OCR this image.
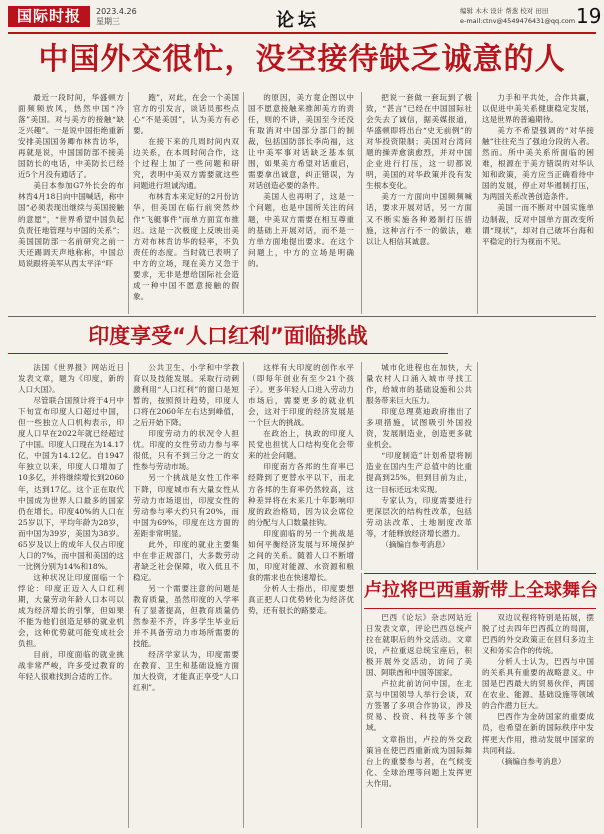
国际时报	2023.4.26
星期三	论坛	编辑 木木 设计 帮葱 校对 田田
e-mail:ctnv@4549476431@qq.com 19
中国外交很忙，没空接待缺乏诚意的人

最近一段时间，华盛顿方面频频放风，热然中国“冷落”美国。对与美方的接触“缺乏兴趣”。一是说中国拒绝重新安排美国国务卿布林肯访华，再就是说，中国国防部不接美国防长的电话，中美防长已经近5个月没有通话了。

美日本参加G7外长会的布林肯4月18日向中国喊话，称中国“必须表现出继续与美国接触的意愿”，“世界希望中国负起负责任地管理与中国的关系”；美国国防部一名前研究之前一天还踢调天声地称称，中国总局说跟将美军从西太平洋“吓

跑”，对此，在会一个美国官方的引发言，谈话员那些点心“不是美国”，认为美方有必要。

在接下来的几周时间内双边关系，在本周时间合作，这个过程上加了一些问题和研究，表明中美双方需要就这些问题进行坦诚沟通。

布林肯本来定好的2月份访华，但美国在临行前突然炒作“飞艇事件”而单方面宣布推迟。这是一次极度上反映出美方对布林肯访华的轻率，不负责任的态度。当时就已表明了中方的立场，现在美方又急于要求，无非是想给国际社会造成一种中国不愿意接触的假象。

的原因，美方竟企图以中国不愿意接触来推卸美方的责任，则的不讲，美国至今还没有取消对中国部分部门的制裁，包括国防部长李尚福，这让中美军事对话缺乏基本氛围，如果美方希望对话重启，需要拿出诚意，纠正错误，为对话创造必要的条件。

美国人也再明了，这是一个问题，也是中国所关注的问题，中美双方需要在相互尊重的基础上开展对话，而不是一方单方面地提出要求。在这个问题上，中方的立场是明确的。

把说一套做一套玩到了极致，“甚言”已经在中国国际社会失去了诚信，据美媒报道，华盛顿即将出台“史无前例”的对华投资限制；美国对台湾问题的操弄愈演愈烈，并对中国企业进行打压，这一切都说明，美国的对华政策并没有发生根本变化。

美方一方面向中国频频喊话，要求开展对话，另一方面又不断实施各种遏制打压措施，这种言行不一的做法，难以让人相信其诚意。

力手和平共处，合作共赢，以促进中美关系健康稳定发展，这是世界的普遍期待。

美方不希望强调的“对华接触”往往充当了强迫分段的入者。然而。所中美关系所面临的困难，根源在于美方错误的对华认知和政策，美方应当正确看待中国的发展，停止对华遏制打压，为两国关系改善创造条件。

美国一而不断对中国实施单边制裁，反对中国单方面改变所谓“现状”，却对自己破坏台海和平稳定的行为视而不见。

印度享受“人口红利”面临挑战

法国《世界报》网站近日发表文章，题为《印度，新的人口大国》。

尽管联合国预计将于4月中下旬宣布印度人口超过中国，但一些独立人口机构表示，印度人口早在2022年就已经超过了中国。印度人口现在为14.17亿，中国为14.12亿。自1947年独立以来，印度人口增加了10多亿，并将继续增长到2060年，达到17亿。这个正在取代中国成为世界人口最多的国家仍在增长。印度40%的人口在25岁以下，平均年龄为28岁，而中国为39岁，美国为38岁。65岁及以上的成年人仅占印度人口的7%，而中国和美国的这一比例分别为14%和18%。

这种状况让印度面临一个悖论：印度正迈入人口红利期，大量劳动年龄人口本可以成为经济增长的引擎，但如果不能为他们创造足够的就业机会，这种优势就可能变成社会负担。

目前，印度面临的就业挑战非常严峻，许多受过教育的年轻人很难找到合适的工作。

公共卫生、小学和中学教育以及技能发展。采取行动刺激利用“人口红利”的窗口是短暂的，按照预计趋势，印度人口将在2060年左右达到峰值，之后开始下降。

印度劳动力的状况令人担忧。印度的女性劳动力参与率很低，只有不到三分之一的女性参与劳动市场。

另一个挑战是女性工作率下降，印度城市有大量女性从劳动力市场退出，印度女性的劳动参与率大约只有20%，而中国为69%，印度在这方面的差距非常明显。

此外，印度的就业主要集中在非正规部门，大多数劳动者缺乏社会保障，收入低且不稳定。

另一个需要注意的问题是教育质量，虽然印度的入学率有了显著提高，但教育质量仍然参差不齐，许多学生毕业后并不具备劳动力市场所需要的技能。

经济学家认为，印度需要在教育、卫生和基础设施方面加大投资，才能真正享受“人口红利”。

这样有大印度的创作水平（即每年创业有至少21个孩子）。更多年轻人口进入劳动力市场后，需要更多的就业机会，这对于印度的经济发展是一个巨大的挑战。

在政治上，执政的印度人民党也担忧人口结构变化会带来的社会问题。

印度南方各邦的生育率已经降到了更替水平以下，而北方各邦的生育率仍然较高，这种差异将在未来几十年影响印度的政治格局，因为议会席位的分配与人口数量挂钩。

印度面临的另一个挑战是如何平衡经济发展与环境保护之间的关系。随着人口不断增加，印度对能源、水资源和粮食的需求也在快速增长。

分析人士指出，印度要想真正把人口优势转化为经济优势，还有很长的路要走。

城市化进程也在加快，大量农村人口涌入城市寻找工作，给城市的基础设施和公共服务带来巨大压力。

印度总理莫迪政府推出了多项措施，试图吸引外国投资，发展制造业，创造更多就业机会。

“印度制造”计划希望将制造业在国内生产总值中的比重提高到25%，但到目前为止，这一目标还远未实现。

专家认为，印度需要进行更深层次的结构性改革，包括劳动法改革、土地制度改革等，才能释放经济增长潜力。

（摘编自参考消息）

卢拉将巴西重新带上全球舞台

巴西《论坛》杂志网站近日发表文章，评论巴西总统卢拉在就职后的外交活动。文章说，卢拉重返总统宝座后，积极开展外交活动，访问了美国、阿联酋和中国等国家。

卢拉此前访问中国，在北京与中国领导人举行会谈，双方签署了多项合作协议，涉及贸易、投资、科技等多个领域。

文章指出，卢拉的外交政策旨在使巴西重新成为国际舞台上的重要参与者，在气候变化、全球治理等问题上发挥更大作用。

双边议程将特别是拓展，摆脱了过去四年巴西孤立的局面，巴西的外交政策正在回归多边主义和务实合作的传统。

分析人士认为，巴西与中国的关系具有重要的战略意义。中国是巴西最大的贸易伙伴，两国在农业、能源、基础设施等领域的合作潜力巨大。

巴西作为金砖国家的重要成员，也希望在新的国际秩序中发挥更大作用，推动发展中国家的共同利益。

（摘编自参考消息）
